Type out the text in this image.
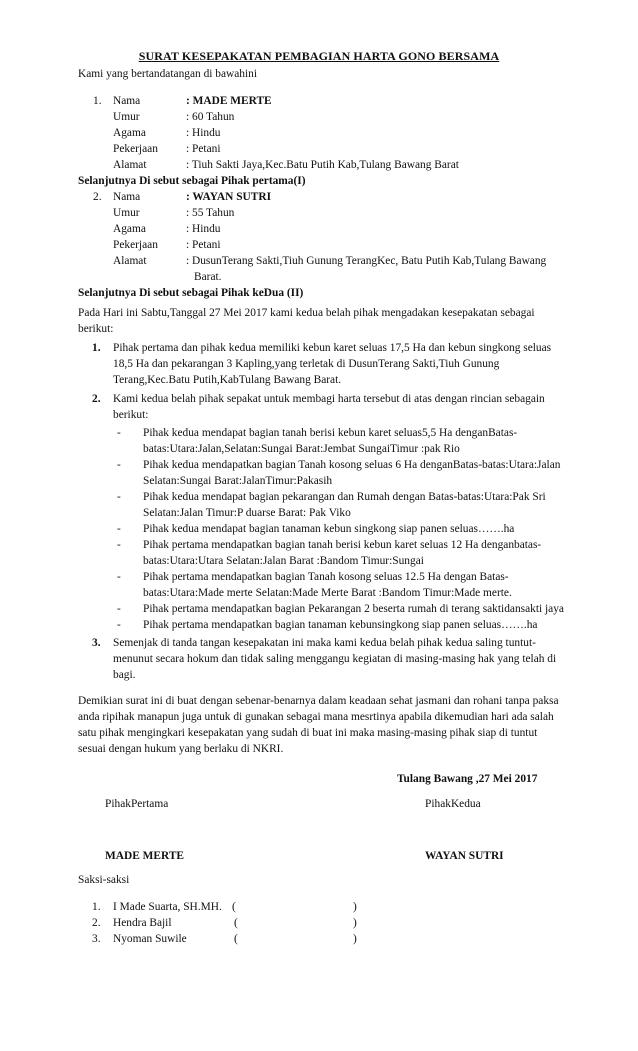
SURAT KESEPAKATAN PEMBAGIAN HARTA GONO BERSAMA
Kami yang bertandatangan di bawahini
1. Nama	: MADE MERTE
Umur	: 60 Tahun
Agama	: Hindu
Pekerjaan : Petani
Alamat	: Tiuh Sakti Jaya,Kec.Batu Putih Kab,Tulang Bawang Barat
Selanjutnya Di sebut sebagai Pihak pertama(I)
2. Nama	: WAYAN SUTRI
Umur	: 55 Tahun
Agama	: Hindu
Pekerjaan : Petani
Alamat	: DusunTerang Sakti,Tiuh Gunung TerangKec, Batu Putih Kab,Tulang Bawang
Barat.
Selanjutnya Di sebut sebagai Pihak keDua (II)
Pada Hari ini Sabtu,Tanggal 27 Mei 2017 kami kedua belah pihak mengadakan kesepakatan sebagai
berikut:
1. Pihak pertama dan pihak kedua memiliki kebun karet seluas 17,5 Ha dan kebun singkong seluas
18,5 Ha dan pekarangan 3 Kapling,yang terletak di DusunTerang Sakti,Tiuh Gunung
Terang,Kec.Batu Putih,KabTulang Bawang Barat.
2. Kami kedua belah pihak sepakat untuk membagi harta tersebut di atas dengan rincian sebagain
berikut:
- Pihak kedua mendapat bagian tanah berisi kebun karet seluas5,5 Ha denganBatas-
batas:Utara:Jalan,Selatan:Sungai Barat:Jembat SungaiTimur :pak Rio
- Pihak kedua mendapatkan bagian Tanah kosong seluas 6 Ha denganBatas-batas:Utara:Jalan
Selatan:Sungai Barat:JalanTimur:Pakasih
- Pihak kedua mendapat bagian pekarangan dan Rumah dengan Batas-batas:Utara:Pak Sri
Selatan:Jalan Timur:P duarse Barat: Pak Viko
- Pihak kedua mendapat bagian tanaman kebun singkong siap panen seluas…….ha
- Pihak pertama mendapatkan bagian tanah berisi kebun karet seluas 12 Ha denganbatas-
batas:Utara:Utara Selatan:Jalan Barat :Bandom Timur:Sungai
- Pihak pertama mendapatkan bagian Tanah kosong seluas 12.5 Ha dengan Batas-
batas:Utara:Made merte Selatan:Made Merte Barat :Bandom Timur:Made merte.
- Pihak pertama mendapatkan bagian Pekarangan 2 beserta rumah di terang saktidansakti jaya
- Pihak pertama mendapatkan bagian tanaman kebunsingkong siap panen seluas…….ha
3. Semenjak di tanda tangan kesepakatan ini maka kami kedua belah pihak kedua saling tuntut-
menunut secara hokum dan tidak saling menggangu kegiatan di masing-masing hak yang telah di
bagi.
Demikian surat ini di buat dengan sebenar-benarnya dalam keadaan sehat jasmani dan rohani tanpa paksa
anda ripihak manapun juga untuk di gunakan sebagai mana mesrtinya apabila dikemudian hari ada salah
satu pihak mengingkari kesepakatan yang sudah di buat ini maka masing-masing pihak siap di tuntut
sesuai dengan hukum yang berlaku di NKRI.
Tulang Bawang ,27 Mei 2017
PihakPertama	PihakKedua
MADE MERTE	WAYAN SUTRI
Saksi-saksi
1. I Made Suarta, SH.MH. (	)
2. Hendra Bajil	(	)
3. Nyoman Suwile	(	)
